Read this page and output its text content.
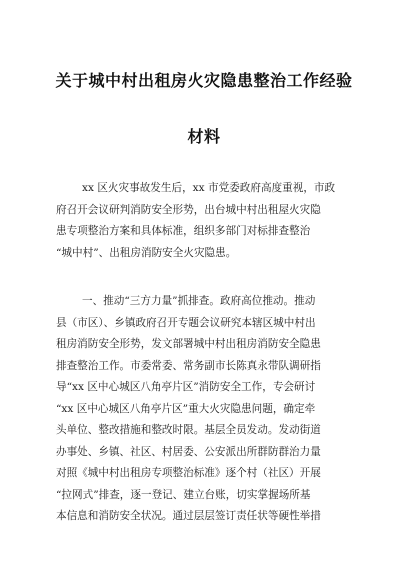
关于城中村出租房火灾隐患整治工作经验
材料
xx 区火灾事故发生后，xx 市党委政府高度重视，市政
府召开会议研判消防安全形势，出台城中村出租屋火灾隐
患专项整治方案和具体标准，组织多部门对标排查整治
“城中村”、出租房消防安全火灾隐患。
一、推动“三方力量”抓排查。政府高位推动。推动
县（市区）、乡镇政府召开专题会议研究本辖区城中村出
租房消防安全形势，发文部署城中村出租房消防安全隐患
排查整治工作。市委常委、常务副市长陈真永带队调研指
导“xx 区中心城区八角亭片区”消防安全工作，专会研讨
“xx 区中心城区八角亭片区”重大火灾隐患问题，确定牵
头单位、整改措施和整改时限。基层全员发动。发动街道
办事处、乡镇、社区、村居委、公安派出所群防群治力量
对照《城中村出租房专项整治标准》逐个村（社区）开展
“拉网式”排查，逐一登记、建立台账，切实掌握场所基
本信息和消防安全状况。通过层层签订责任状等硬性举措
